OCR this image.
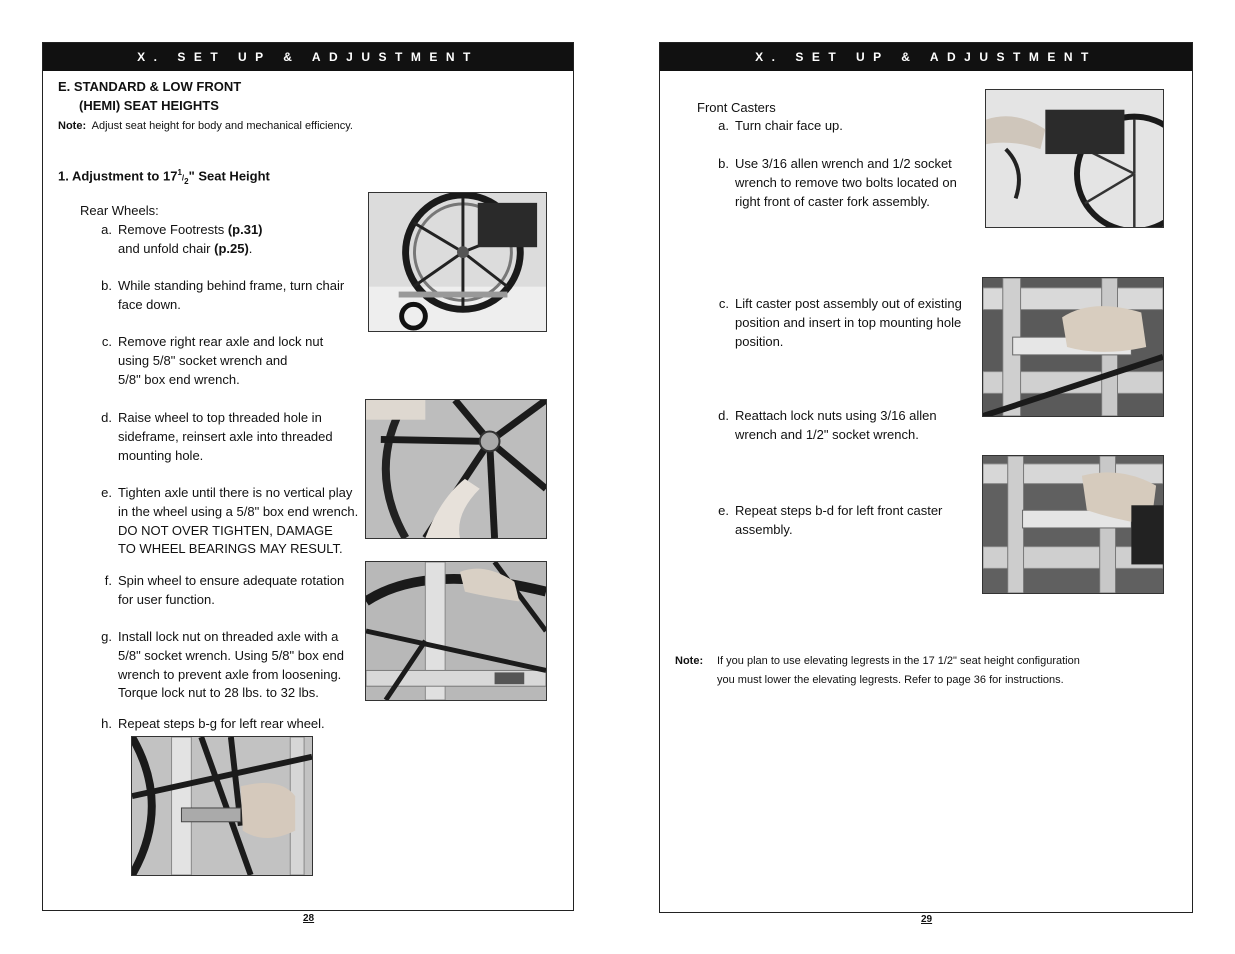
X. SET UP & ADJUSTMENT
E. STANDARD & LOW FRONT
(HEMI) SEAT HEIGHTS
Note: Adjust seat height for body and mechanical efficiency.
1. Adjustment to $17^1/_2$" Seat Height
Rear Wheels:
a. Remove Footrests (p.31)
and unfold chair (p.25).
b. While standing behind frame, turn chair
face down.
c. Remove right rear axle and lock nut
using 5/8" socket wrench and
5/8" box end wrench.
d. Raise wheel to top threaded hole in
sideframe, reinsert axle into threaded
mounting hole.
e. Tighten axle until there is no vertical play
in the wheel using a 5/8" box end wrench.
DO NOT OVER TIGHTEN, DAMAGE
TO WHEEL BEARINGS MAY RESULT.
f. Spin wheel to ensure adequate rotation
for user function.
g. Install lock nut on threaded axle with a
5/8" socket wrench. Using 5/8" box end
wrench to prevent axle from loosening.
Torque lock nut to 28 lbs. to 32 lbs.
h. Repeat steps b-g for left rear wheel.
28
X. SET UP & ADJUSTMENT
Front Casters
a. Turn chair face up.
b. Use 3/16 allen wrench and 1/2 socket
wrench to remove two bolts located on
right front of caster fork assembly.
c. Lift caster post assembly out of existing
position and insert in top mounting hole
position.
d. Reattach lock nuts using 3/16 allen
wrench and 1/2" socket wrench.
e. Repeat steps b-d for left front caster
assembly.
Note: If you plan to use elevating legrests in the 17 1/2" seat height configuration
you must lower the elevating legrests. Refer to page 36 for instructions.
29
